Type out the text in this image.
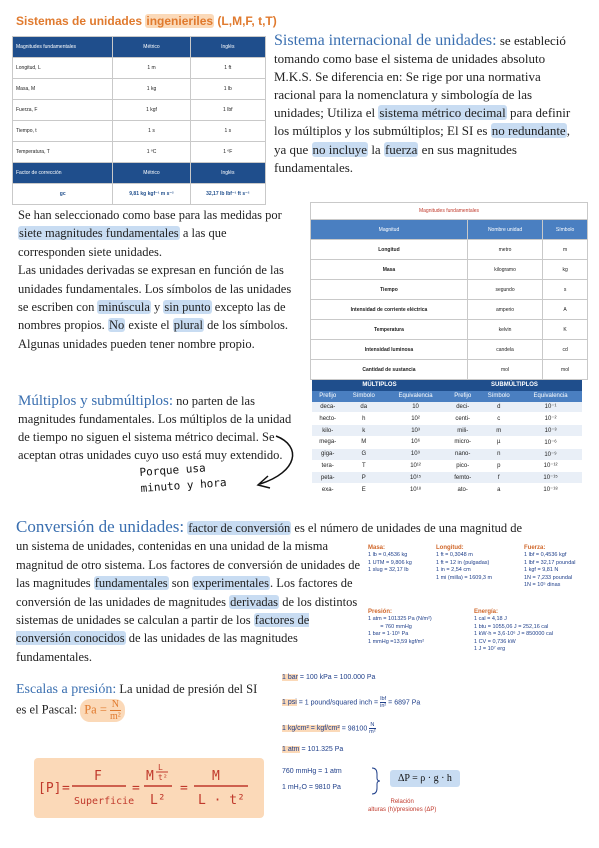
Sistemas de unidades ingenieriles (L,M,F, t,T)
Magnitudes fundamentales	Métrico	Inglés
Longitud, L	1 m	1 ft
Masa, M	1 kg	1 lb
Fuerza, F	1 kgf	1 lbf
Tiempo, t	1 s	1 s
Temperatura, T	1 ºC	1 ºF
Factor de corrección	Métrico	Inglés
gc	9,81 kg kgf⁻¹ m s⁻²	32,17 lb lbf⁻¹ ft s⁻²
Sistema internacional de unidades: se estableció tomando como base el sistema de unidades absoluto M.K.S. Se diferencia en: Se rige por una normativa racional para la nomenclatura y simbología de las unidades; Utiliza el sistema métrico decimal para definir los múltiplos y los submúltiplos; El SI es no redundante, ya que no incluye la fuerza en sus magnitudes fundamentales.
Se han seleccionado como base para las medidas por siete magnitudes fundamentales a las que corresponden siete unidades.
Las unidades derivadas se expresan en función de las unidades fundamentales. Los símbolos de las unidades se escriben con minúscula y sin punto excepto las de nombres propios. No existe el plural de los símbolos. Algunas unidades pueden tener nombre propio.
Magnitudes fundamentales		
Magnitud	Nombre unidad	Símbolo
Longitud	metro	m
Masa	kilogramo	kg
Tiempo	segundo	s
Intensidad de corriente eléctrica	amperio	A
Temperatura	kelvin	K
Intensidad luminosa	candela	cd
Cantidad de sustancia	mol	mol
Múltiplos y submúltiplos: no parten de las magnitudes fundamentales. Los múltiplos de la unidad de tiempo no siguen el sistema métrico decimal. Se aceptan otras unidades cuyo uso está muy extendido.
Porque usa
minuto y hora
MÚLTIPLOS			SUBMÚLTIPLOS		
Prefijo	Símbolo	Equivalencia	Prefijo	Símbolo	Equivalencia
deca-	da	10	deci-	d	10⁻¹
hecto-	h	10²	centi-	c	10⁻²
kilo-	k	10³	mili-	m	10⁻³
mega-	M	10⁶	micro-	µ	10⁻⁶
giga-	G	10⁹	nano-	n	10⁻⁹
tera-	T	10¹²	pico-	p	10⁻¹²
peta-	P	10¹⁵	femto-	f	10⁻¹⁵
exa-	E	10¹⁸	ato-	a	10⁻¹⁸
Conversión de unidades: factor de conversión es el número de unidades de una magnitud de
un sistema de unidades, contenidas en una unidad de la misma magnitud de otro sistema. Los factores de conversión de unidades de las magnitudes fundamentales son experimentales. Los factores de conversión de las unidades de magnitudes derivadas de los distintos sistemas de unidades se calculan a partir de los factores de conversión conocidos de las unidades de las magnitudes fundamentales.
Masa:
1 lb = 0,4536 kg
1 UTM = 9,806 kg
1 slug = 32,17 lb
Longitud:
1 ft = 0,3048 m
1 ft = 12 in (pulgadas)
1 in = 2,54 cm
1 mi (milla) = 1609,3 m
Fuerza:
1 lbf = 0,4536 kgf
1 lbf = 32,17 poundal
1 kgf = 9,81 N
1N = 7,233 poundal
1N = 10⁵ dinas
Presión:
1 atm = 101325 Pa (N/m²)
= 760 mmHg
1 bar = 1·10⁵ Pa
1 mmHg =13,59 kgf/m²
Energía:
1 cal = 4,18 J
1 btu = 1055,06 J = 252,16 cal
1 kW·h = 3,6·10⁶ J = 850000 cal
1 CV = 0,736 kW
1 J = 10⁷ erg
Escalas a presión: La unidad de presión del SI es el Pascal: $Pa = \frac{N}{\text{m²}}$
[P] =
F
Superficie
=
M
L
t²
L²
=
M
L · t²
1 bar = 100 kPa = 100.000 Pa
1 psi = 1 pound/squared inch =
lbf
in² = 6897 Pa
1 $kg/cm^2 = kgf/cm^2 = 98100 \frac{N}{\text{m²}}$
1 atm = 101.325 Pa
760 mmHg = 1 atm
1 mH₂O = 9810 Pa
ΔP = ρ · g · h
Relación
alturas (h)/presiones (ΔP)
